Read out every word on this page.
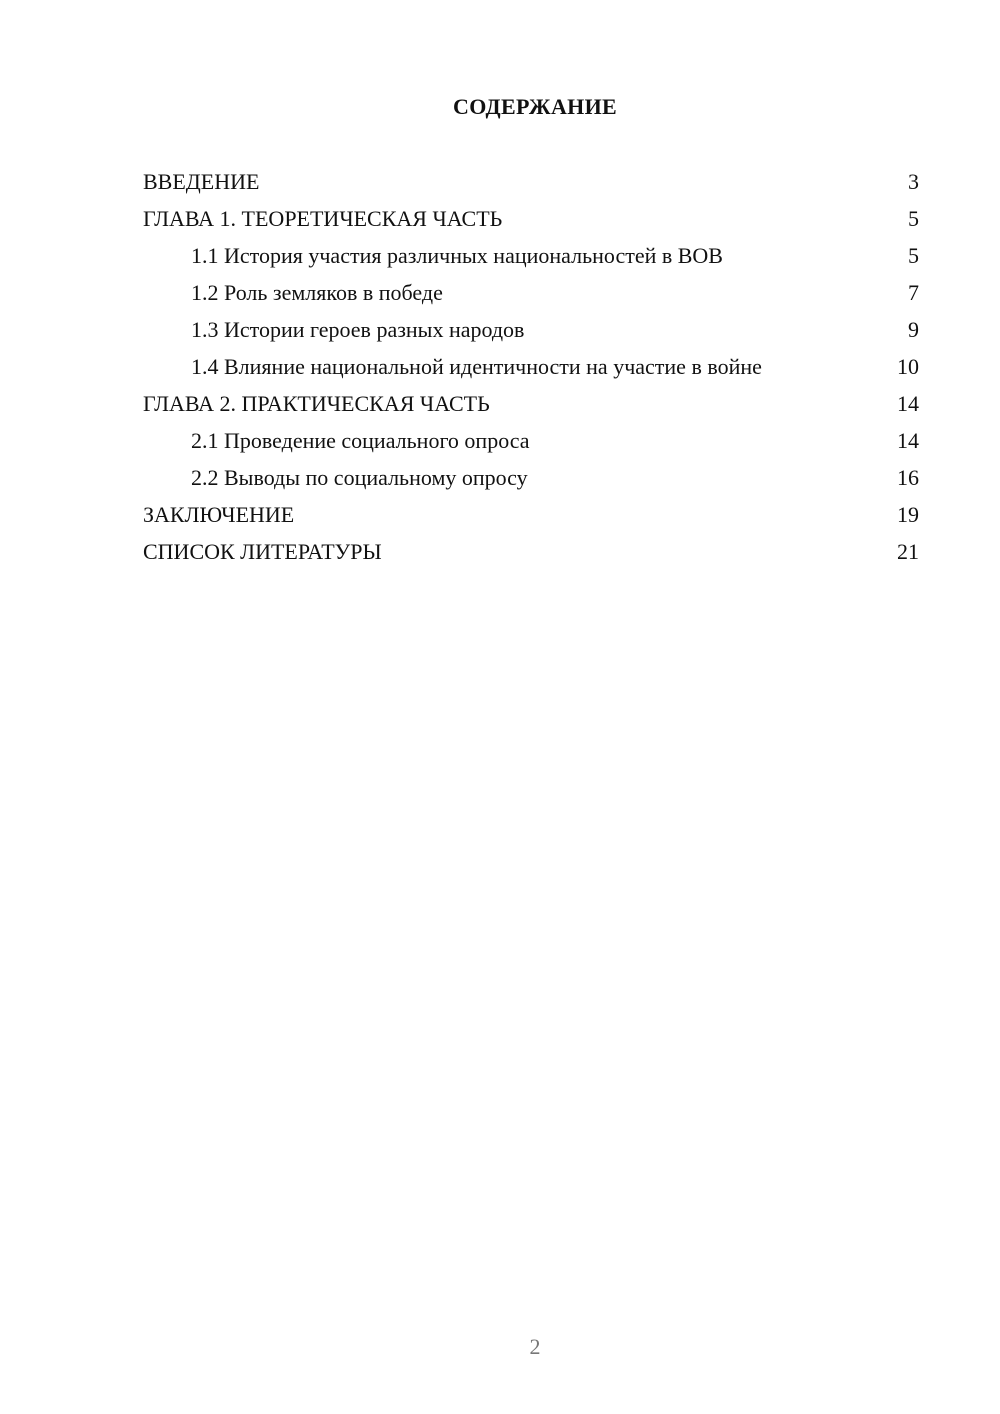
СОДЕРЖАНИЕ
ВВЕДЕНИЕ	3
ГЛАВА 1. ТЕОРЕТИЧЕСКАЯ ЧАСТЬ	5
1.1 История участия различных национальностей в ВОВ	5
1.2 Роль земляков в победе	7
1.3 Истории героев разных народов	9
1.4 Влияние национальной идентичности на участие в войне	10
ГЛАВА 2. ПРАКТИЧЕСКАЯ ЧАСТЬ	14
2.1 Проведение социального опроса	14
2.2 Выводы по социальному опросу	16
ЗАКЛЮЧЕНИЕ	19
СПИСОК ЛИТЕРАТУРЫ	21
2
